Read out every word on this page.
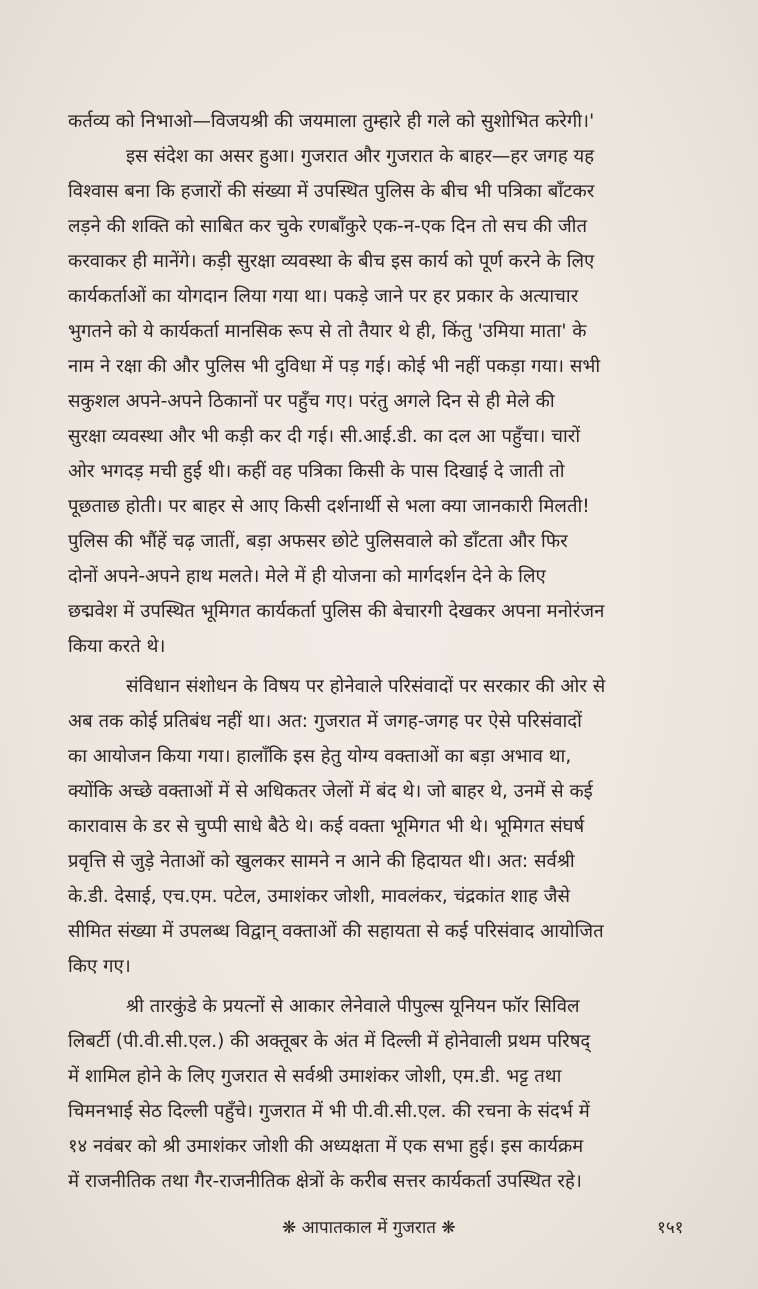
कर्तव्य को निभाओ—विजयश्री की जयमाला तुम्हारे ही गले को सुशोभित करेगी।'
इस संदेश का असर हुआ। गुजरात और गुजरात के बाहर—हर जगह यह
विश्वास बना कि हजारों की संख्या में उपस्थित पुलिस के बीच भी पत्रिका बाँटकर
लड़ने की शक्ति को साबित कर चुके रणबाँकुरे एक-न-एक दिन तो सच की जीत
करवाकर ही मानेंगे। कड़ी सुरक्षा व्यवस्था के बीच इस कार्य को पूर्ण करने के लिए
कार्यकर्ताओं का योगदान लिया गया था। पकड़े जाने पर हर प्रकार के अत्याचार
भुगतने को ये कार्यकर्ता मानसिक रूप से तो तैयार थे ही, किंतु 'उमिया माता' के
नाम ने रक्षा की और पुलिस भी दुविधा में पड़ गई। कोई भी नहीं पकड़ा गया। सभी
सकुशल अपने-अपने ठिकानों पर पहुँच गए। परंतु अगले दिन से ही मेले की
सुरक्षा व्यवस्था और भी कड़ी कर दी गई। सी.आई.डी. का दल आ पहुँचा। चारों
ओर भगदड़ मची हुई थी। कहीं वह पत्रिका किसी के पास दिखाई दे जाती तो
पूछताछ होती। पर बाहर से आए किसी दर्शनार्थी से भला क्या जानकारी मिलती!
पुलिस की भौंहें चढ़ जातीं, बड़ा अफसर छोटे पुलिसवाले को डाँटता और फिर
दोनों अपने-अपने हाथ मलते। मेले में ही योजना को मार्गदर्शन देने के लिए
छद्मवेश में उपस्थित भूमिगत कार्यकर्ता पुलिस की बेचारगी देखकर अपना मनोरंजन
किया करते थे।
संविधान संशोधन के विषय पर होनेवाले परिसंवादों पर सरकार की ओर से
अब तक कोई प्रतिबंध नहीं था। अत: गुजरात में जगह-जगह पर ऐसे परिसंवादों
का आयोजन किया गया। हालाँकि इस हेतु योग्य वक्ताओं का बड़ा अभाव था,
क्योंकि अच्छे वक्ताओं में से अधिकतर जेलों में बंद थे। जो बाहर थे, उनमें से कई
कारावास के डर से चुप्पी साधे बैठे थे। कई वक्ता भूमिगत भी थे। भूमिगत संघर्ष
प्रवृत्ति से जुड़े नेताओं को खुलकर सामने न आने की हिदायत थी। अत: सर्वश्री
के.डी. देसाई, एच.एम. पटेल, उमाशंकर जोशी, मावलंकर, चंद्रकांत शाह जैसे
सीमित संख्या में उपलब्ध विद्वान् वक्ताओं की सहायता से कई परिसंवाद आयोजित
किए गए।
श्री तारकुंडे के प्रयत्नों से आकार लेनेवाले पीपुल्स यूनियन फॉर सिविल
लिबर्टी (पी.वी.सी.एल.) की अक्तूबर के अंत में दिल्ली में होनेवाली प्रथम परिषद्
में शामिल होने के लिए गुजरात से सर्वश्री उमाशंकर जोशी, एम.डी. भट्ट तथा
चिमनभाई सेठ दिल्ली पहुँचे। गुजरात में भी पी.वी.सी.एल. की रचना के संदर्भ में
१४ नवंबर को श्री उमाशंकर जोशी की अध्यक्षता में एक सभा हुई। इस कार्यक्रम
में राजनीतिक तथा गैर-राजनीतिक क्षेत्रों के करीब सत्तर कार्यकर्ता उपस्थित रहे।
❋ आपातकाल में गुजरात ❋	१५१
